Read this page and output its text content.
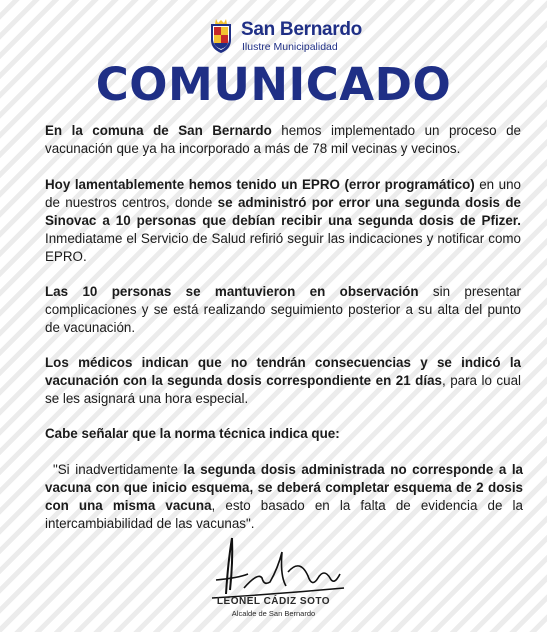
San Bernardo
Ilustre Municipalidad
COMUNICADO

En la comuna de San Bernardo hemos implementado un proceso de vacunación que ya ha incorporado a más de 78 mil vecinas y vecinos.

Hoy lamentablemente hemos tenido un EPRO (error programático) en uno de nuestros centros, donde se administró por error una segunda dosis de Sinovac a 10 personas que debían recibir una segunda dosis de Pfizer. Inmediatame el Servicio de Salud refirió seguir las indicaciones y notificar como EPRO.

Las 10 personas se mantuvieron en observación sin presentar complicaciones y se está realizando seguimiento posterior a su alta del punto de vacunación.

Los médicos indican que no tendrán consecuencias y se indicó la vacunación con la segunda dosis correspondiente en 21 días, para lo cual se les asignará una hora especial.

Cabe señalar que la norma técnica indica que:

"Si inadvertidamente la segunda dosis administrada no corresponde a la vacuna con que inicio esquema, se deberá completar esquema de 2 dosis con una misma vacuna, esto basado en la falta de evidencia de la intercambiabilidad de las vacunas".

LEONEL CÁDIZ SOTO
Alcalde de San Bernardo
